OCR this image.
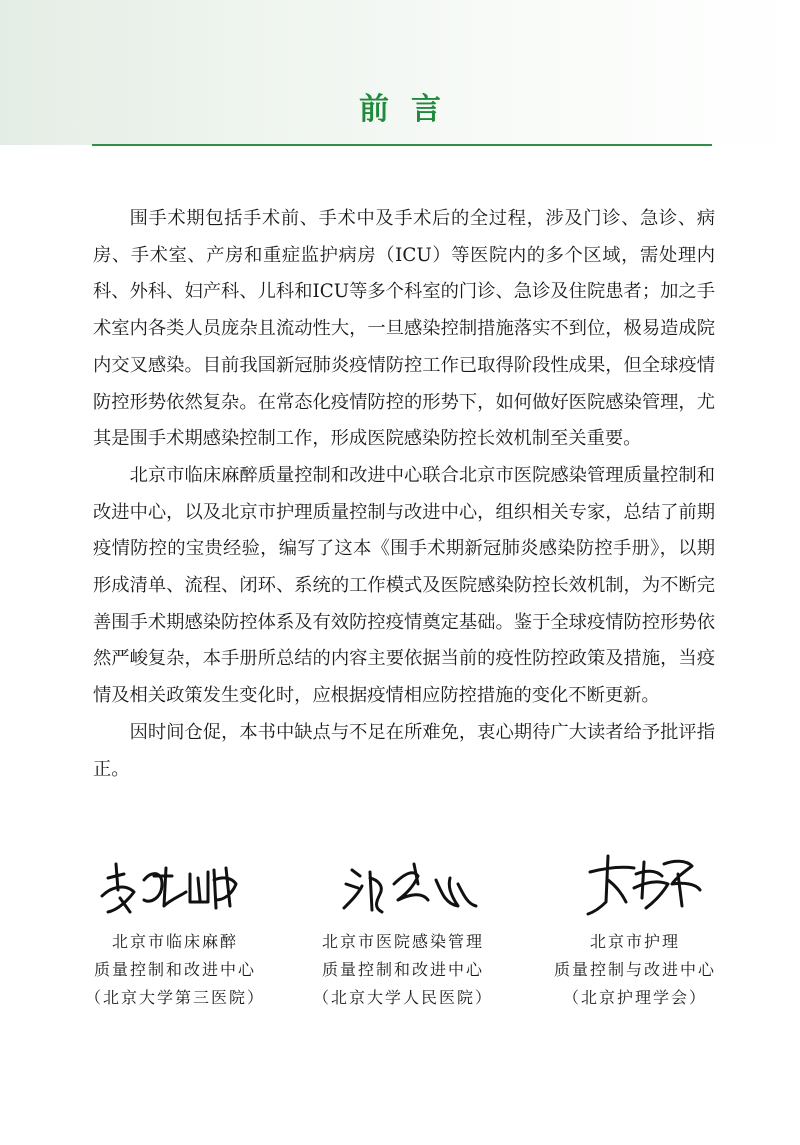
前言

围手术期包括手术前、手术中及手术后的全过程，涉及门诊、急诊、病房、手术室、产房和重症监护病房（ICU）等医院内的多个区域，需处理内科、外科、妇产科、儿科和ICU等多个科室的门诊、急诊及住院患者；加之手术室内各类人员庞杂且流动性大，一旦感染控制措施落实不到位，极易造成院内交叉感染。目前我国新冠肺炎疫情防控工作已取得阶段性成果，但全球疫情防控形势依然复杂。在常态化疫情防控的形势下，如何做好医院感染管理，尤其是围手术期感染控制工作，形成医院感染防控长效机制至关重要。

北京市临床麻醉质量控制和改进中心联合北京市医院感染管理质量控制和改进中心，以及北京市护理质量控制与改进中心，组织相关专家，总结了前期疫情防控的宝贵经验，编写了这本《围手术期新冠肺炎感染防控手册》，以期形成清单、流程、闭环、系统的工作模式及医院感染防控长效机制，为不断完善围手术期感染防控体系及有效防控疫情奠定基础。鉴于全球疫情防控形势依然严峻复杂，本手册所总结的内容主要依据当前的疫性防控政策及措施，当疫情及相关政策发生变化时，应根据疫情相应防控措施的变化不断更新。

因时间仓促，本书中缺点与不足在所难免，衷心期待广大读者给予批评指正。

北京市临床麻醉
质量控制和改进中心
（北京大学第三医院）
北京市医院感染管理
质量控制和改进中心
（北京大学人民医院）
北京市护理
质量控制与改进中心
（北京护理学会）
